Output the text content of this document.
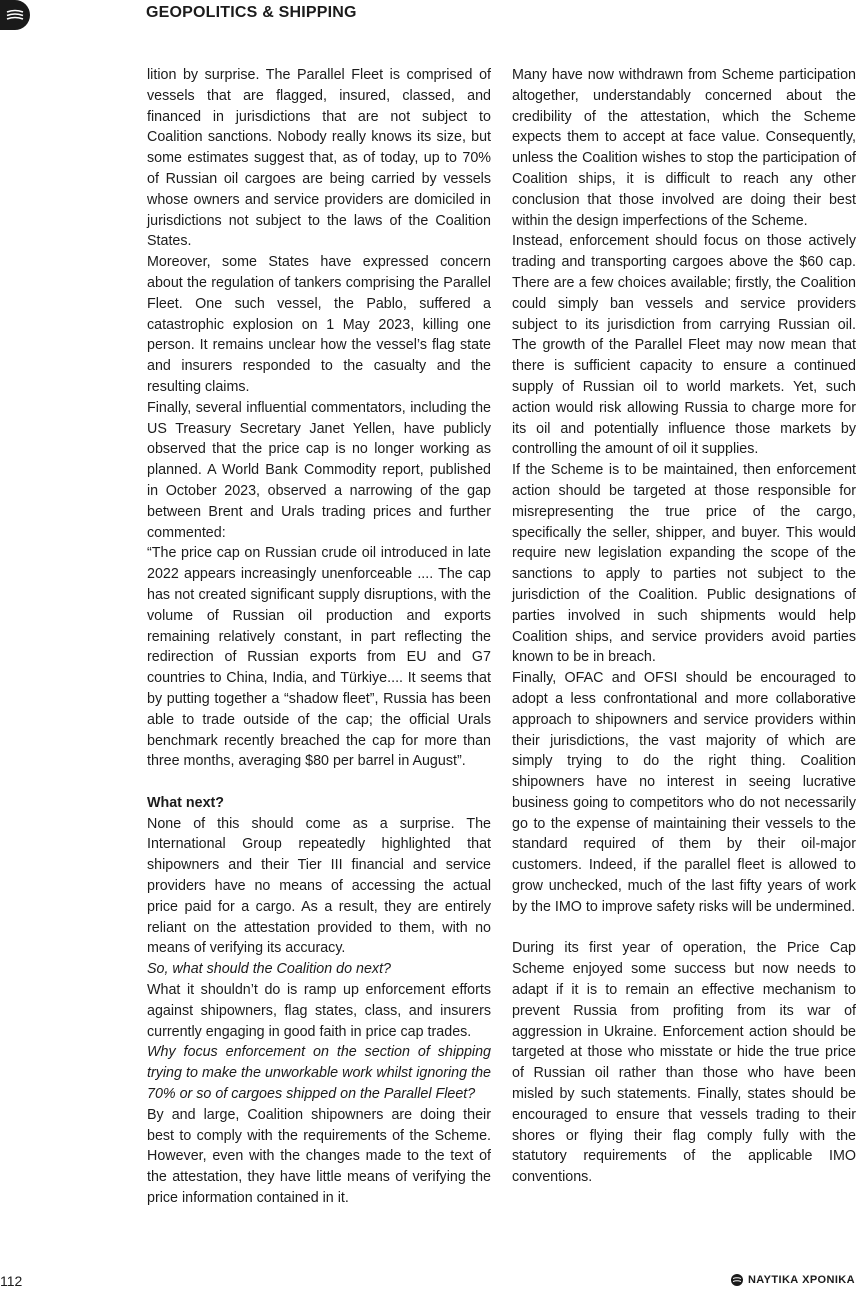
GEOPOLITICS & SHIPPING

lition by surprise. The Parallel Fleet is comprised of vessels that are flagged, insured, classed, and financed in jurisdictions that are not subject to Coalition sanctions. Nobody really knows its size, but some estimates suggest that, as of today, up to 70% of Russian oil cargoes are being carried by vessels whose owners and service providers are domiciled in jurisdictions not subject to the laws of the Coalition States.

Moreover, some States have expressed concern about the regulation of tankers comprising the Parallel Fleet. One such vessel, the Pablo, suffered a catastrophic explosion on 1 May 2023, killing one person. It remains unclear how the vessel’s flag state and insurers responded to the casualty and the resulting claims.

Finally, several influential commentators, including the US Treasury Secretary Janet Yellen, have publicly observed that the price cap is no longer working as planned. A World Bank Commodity report, published in October 2023, observed a narrowing of the gap between Brent and Urals trading prices and further commented:

“The price cap on Russian crude oil introduced in late 2022 appears increasingly unenforceable .... The cap has not created significant supply disruptions, with the volume of Russian oil production and exports remaining relatively constant, in part reflecting the redirection of Russian exports from EU and G7 countries to China, India, and Türkiye.... It seems that by putting together a “shadow fleet”, Russia has been able to trade outside of the cap; the official Urals benchmark recently breached the cap for more than three months, averaging $80 per barrel in August”.

What next?

None of this should come as a surprise. The International Group repeatedly highlighted that shipowners and their Tier III financial and service providers have no means of accessing the actual price paid for a cargo. As a result, they are entirely reliant on the attestation provided to them, with no means of verifying its accuracy.

So, what should the Coalition do next?

What it shouldn’t do is ramp up enforcement efforts against shipowners, flag states, class, and insurers currently engaging in good faith in price cap trades.

Why focus enforcement on the section of shipping trying to make the unworkable work whilst ignoring the 70% or so of cargoes shipped on the Parallel Fleet?

By and large, Coalition shipowners are doing their best to comply with the requirements of the Scheme. However, even with the changes made to the text of the attestation, they have little means of verifying the price information contained in it.

Many have now withdrawn from Scheme participation altogether, understandably concerned about the credibility of the attestation, which the Scheme expects them to accept at face value. Consequently, unless the Coalition wishes to stop the participation of Coalition ships, it is difficult to reach any other conclusion that those involved are doing their best within the design imperfections of the Scheme.

Instead, enforcement should focus on those actively trading and transporting cargoes above the $60 cap. There are a few choices available; firstly, the Coalition could simply ban vessels and service providers subject to its jurisdiction from carrying Russian oil. The growth of the Parallel Fleet may now mean that there is sufficient capacity to ensure a continued supply of Russian oil to world markets. Yet, such action would risk allowing Russia to charge more for its oil and potentially influence those markets by controlling the amount of oil it supplies.

If the Scheme is to be maintained, then enforcement action should be targeted at those responsible for misrepresenting the true price of the cargo, specifically the seller, shipper, and buyer. This would require new legislation expanding the scope of the sanctions to apply to parties not subject to the jurisdiction of the Coalition. Public designations of parties involved in such shipments would help Coalition ships, and service providers avoid parties known to be in breach.

Finally, OFAC and OFSI should be encouraged to adopt a less confrontational and more collaborative approach to shipowners and service providers within their jurisdictions, the vast majority of which are simply trying to do the right thing. Coalition shipowners have no interest in seeing lucrative business going to competitors who do not necessarily go to the expense of maintaining their vessels to the standard required of them by their oil-major customers. Indeed, if the parallel fleet is allowed to grow unchecked, much of the last fifty years of work by the IMO to improve safety risks will be undermined.

During its first year of operation, the Price Cap Scheme enjoyed some success but now needs to adapt if it is to remain an effective mechanism to prevent Russia from profiting from its war of aggression in Ukraine. Enforcement action should be targeted at those who misstate or hide the true price of Russian oil rather than those who have been misled by such statements. Finally, states should be encouraged to ensure that vessels trading to their shores or flying their flag comply fully with the statutory requirements of the applicable IMO conventions.

112	ΝΑΥΤΙΚΑ ΧΡΟΝΙΚΑ
